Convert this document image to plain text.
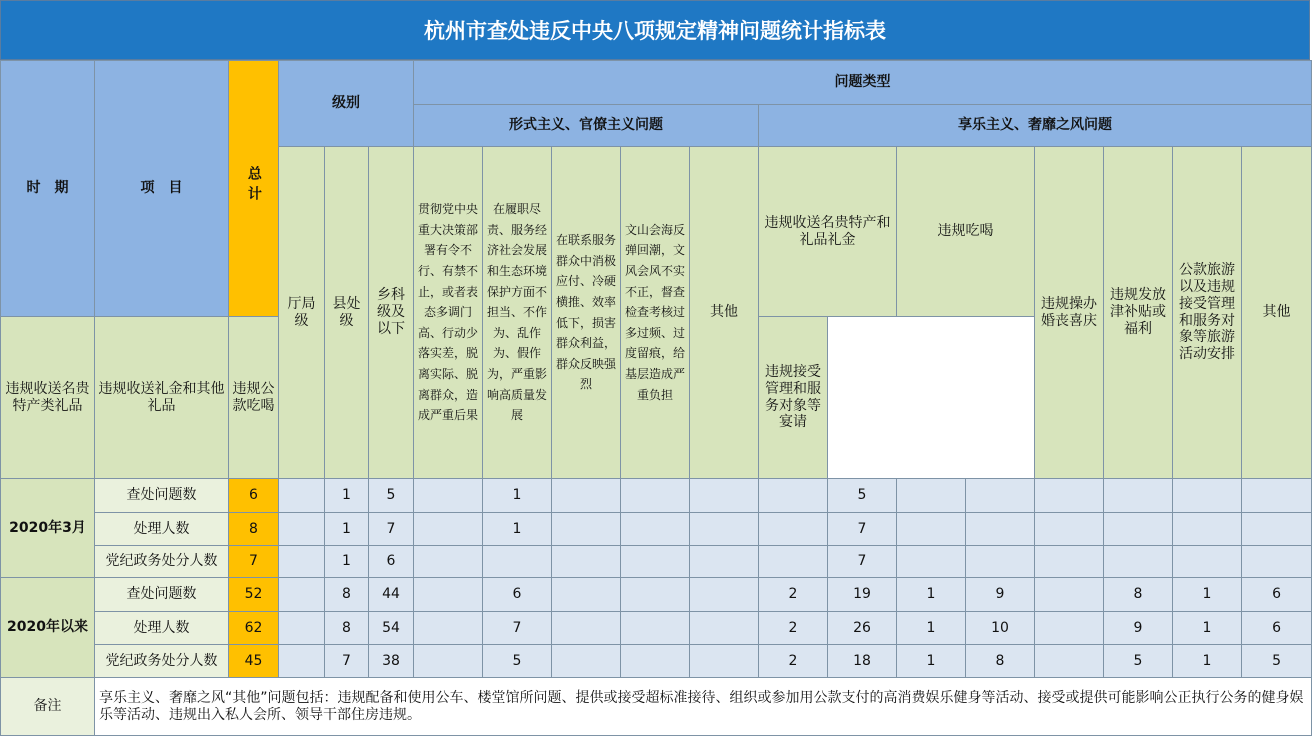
杭州市查处违反中央八项规定精神问题统计指标表
时　期	项　目	总计	级别			问题类型												
						形式主义、官僚主义问题					享乐主义、奢靡之风问题							
			厅局级	县处级	乡科级及以下	贯彻党中央重大决策部署有令不行、有禁不止，或者表态多调门高、行动少落实差，脱离实际、脱离群众，造成严重后果	在履职尽责、服务经济社会发展和生态环境保护方面不担当、不作为、乱作为、假作为，严重影响高质量发展	在联系服务群众中消极应付、冷硬横推、效率低下，损害群众利益，群众反映强烈	文山会海反弹回潮，文风会风不实不正，督查检查考核过多过频、过度留痕，给基层造成严重负担	其他	违规收送名贵特产和礼品礼金		违规吃喝		违规操办婚丧喜庆	违规发放津补贴或福利	公款旅游以及违规接受管理和服务对象等旅游活动安排	其他
违规收送名贵特产类礼品	违规收送礼金和其他礼品	违规公款吃喝									违规接受管理和服务对象等宴请							
2020年3月	查处问题数	6		1	5		1					5						
	处理人数	8		1	7		1					7						
	党纪政务处分人数	7		1	6							7						
2020年以来	查处问题数	52		8	44		6				2	19	1	9		8	1	6
	处理人数	62		8	54		7				2	26	1	10		9	1	6
	党纪政务处分人数	45		7	38		5				2	18	1	8		5	1	5
备注	享乐主义、奢靡之风“其他”问题包括：违规配备和使用公车、楼堂馆所问题、提供或接受超标准接待、组织或参加用公款支付的高消费娱乐健身等活动、接受或提供可能影响公正执行公务的健身娱乐等活动、违规出入私人会所、领导干部住房违规。																	
